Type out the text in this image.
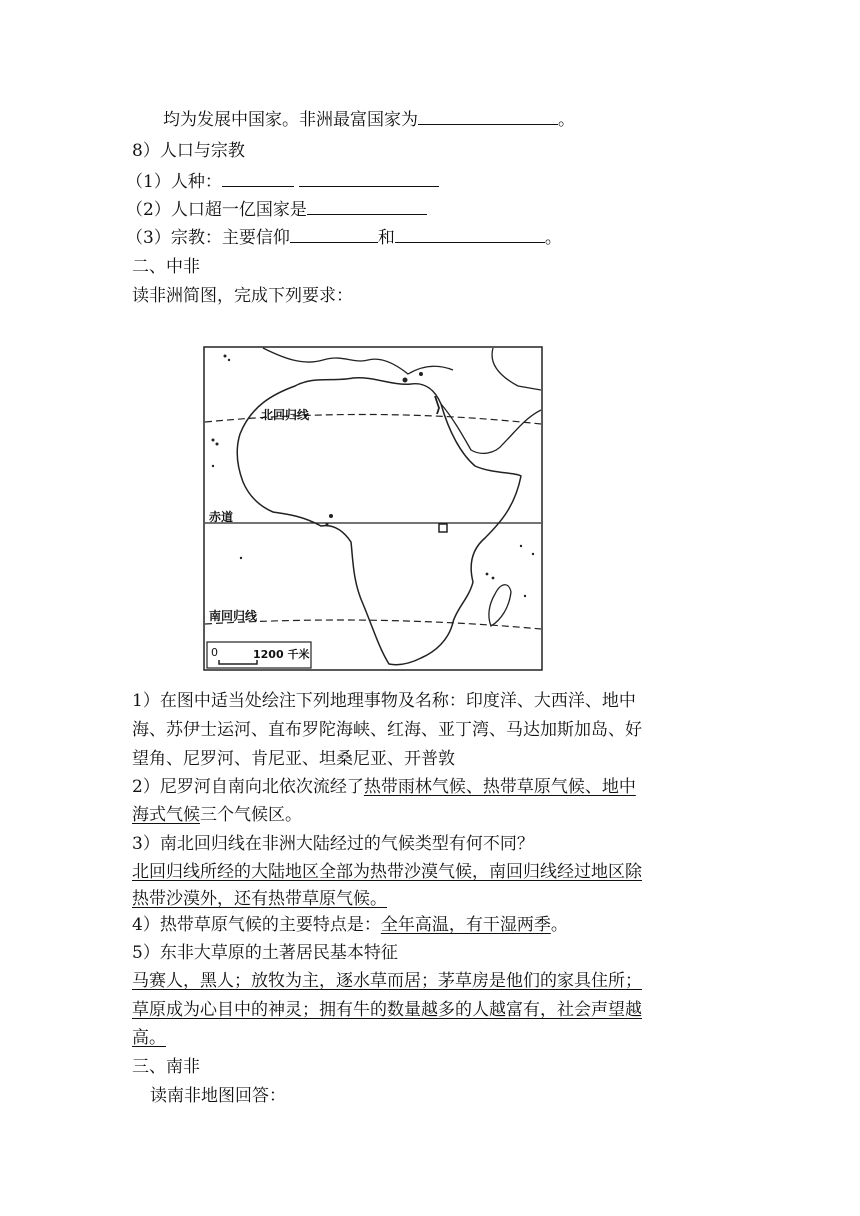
均为发展中国家。非洲最富国家为	。
8）人口与宗教
（1）人种：
（2）人口超一亿国家是
（3）宗教：主要信仰	和	。
二、中非
读非洲简图，完成下列要求：
北回归线
赤道
南回归线
0	1200 千米
1）在图中适当处绘注下列地理事物及名称：印度洋、大西洋、地中
海、苏伊士运河、直布罗陀海峡、红海、亚丁湾、马达加斯加岛、好
望角、尼罗河、肯尼亚、坦桑尼亚、开普敦
2）尼罗河自南向北依次流经了热带雨林气候、热带草原气候、地中
海式气候三个气候区。
3）南北回归线在非洲大陆经过的气候类型有何不同？
北回归线所经的大陆地区全部为热带沙漠气候，南回归线经过地区除
热带沙漠外，还有热带草原气候。
4）热带草原气候的主要特点是：全年高温，有干湿两季。
5）东非大草原的土著居民基本特征
马赛人，黑人；放牧为主，逐水草而居；茅草房是他们的家具住所；
草原成为心目中的神灵；拥有牛的数量越多的人越富有，社会声望越
高。
三、南非
读南非地图回答：
